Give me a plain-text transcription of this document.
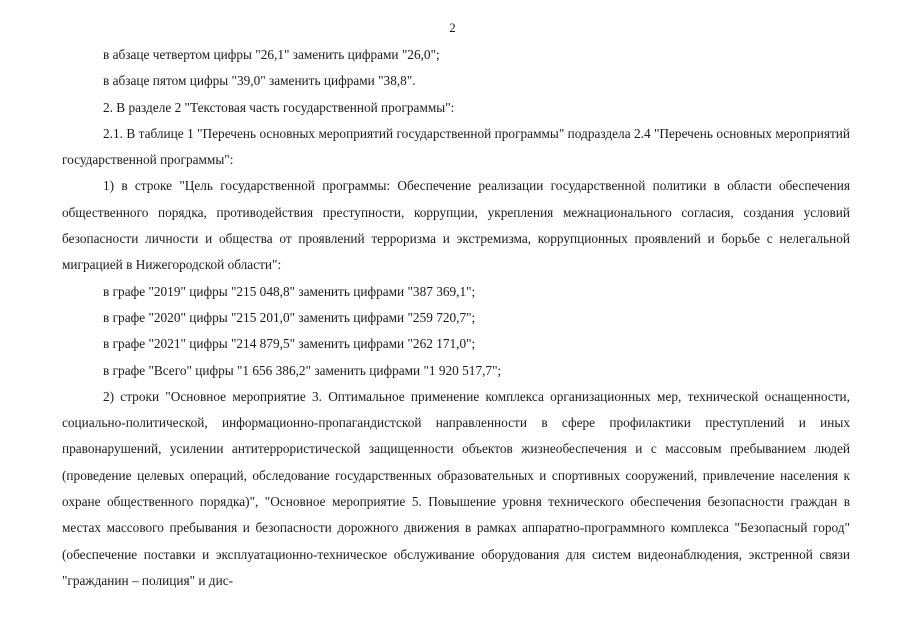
2

в абзаце четвертом цифры "26,1" заменить цифрами "26,0";

в абзаце пятом цифры "39,0" заменить цифрами "38,8".

2. В разделе 2 "Текстовая часть государственной программы":

2.1. В таблице 1 "Перечень основных мероприятий государственной программы" подраздела 2.4 "Перечень основных мероприятий государственной программы":

1) в строке "Цель государственной программы: Обеспечение реализации государственной политики в области обеспечения общественного порядка, противодействия преступности, коррупции, укрепления межнационального согласия, создания условий безопасности личности и общества от проявлений терроризма и экстремизма, коррупционных проявлений и борьбе с нелегальной миграцией в Нижегородской области":

в графе "2019" цифры "215 048,8" заменить цифрами "387 369,1";

в графе "2020" цифры "215 201,0" заменить цифрами "259 720,7";

в графе "2021" цифры "214 879,5" заменить цифрами "262 171,0";

в графе "Всего" цифры "1 656 386,2" заменить цифрами "1 920 517,7";

2) строки "Основное мероприятие 3. Оптимальное применение комплекса организационных мер, технической оснащенности, социально-политической, информационно-пропагандистской направленности в сфере профилактики преступлений и иных правонарушений, усилении антитеррористической защищенности объектов жизнеобеспечения и с массовым пребыванием людей (проведение целевых операций, обследование государственных образовательных и спортивных сооружений, привлечение населения к охране общественного порядка)", "Основное мероприятие 5. Повышение уровня технического обеспечения безопасности граждан в местах массового пребывания и безопасности дорожного движения в рамках аппаратно-программного комплекса "Безопасный город" (обеспечение поставки и эксплуатационно-техническое обслуживание оборудования для систем видеонаблюдения, экстренной связи "гражданин – полиция" и дис-
